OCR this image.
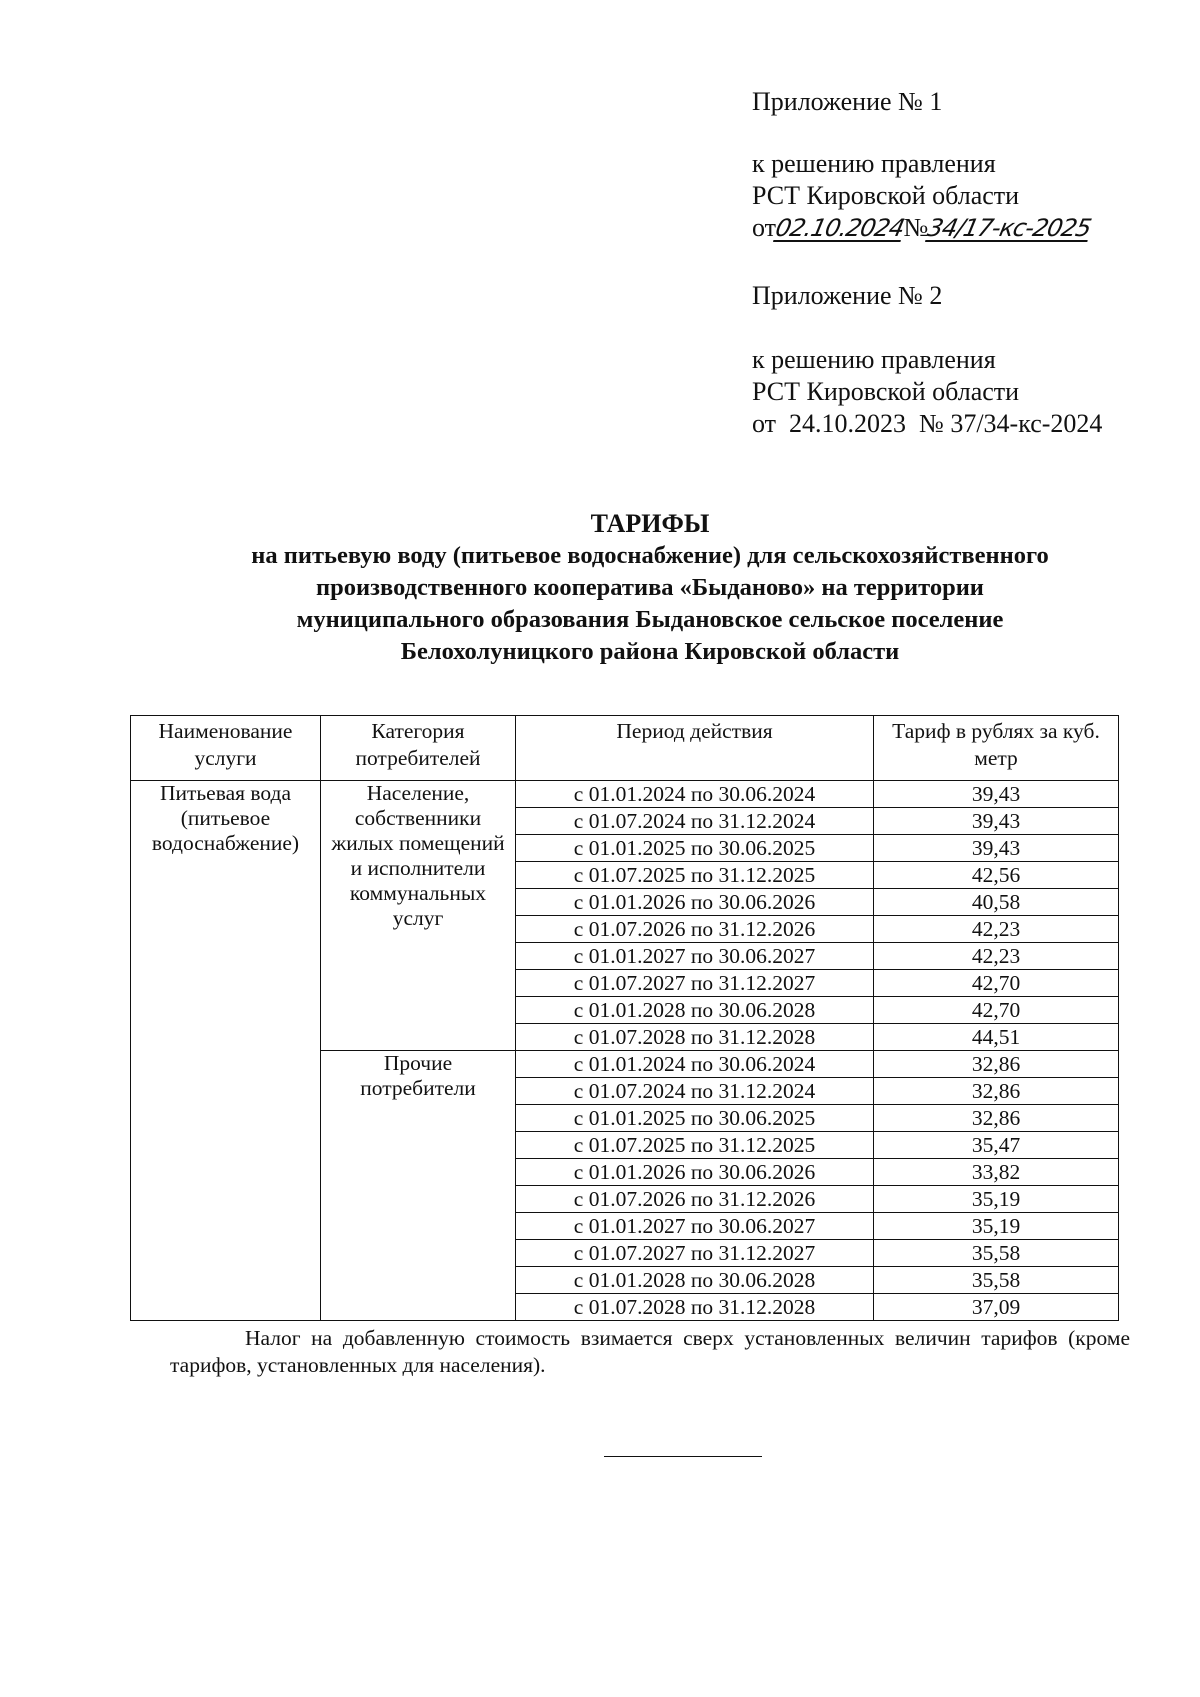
Приложение № 1
к решению правления
РСТ Кировской области
от02.10.2024№34/17-кс-2025
Приложение № 2
к решению правления
РСТ Кировской области
от  24.10.2023  № 37/34-кс-2024
ТАРИФЫ
на питьевую воду (питьевое водоснабжение) для сельскохозяйственного
производственного кооператива «Быданово» на территории
муниципального образования Быдановское сельское поселение
Белохолуницкого района Кировской области
Наименование услуги	Категория потребителей	Период действия	Тариф в рублях за куб. метр
Питьевая вода (питьевое водоснабжение)	Население, собственники жилых помещений и исполнители коммунальных услуг	с 01.01.2024 по 30.06.2024	39,43
		с 01.07.2024 по 31.12.2024	39,43
		с 01.01.2025 по 30.06.2025	39,43
		с 01.07.2025 по 31.12.2025	42,56
		с 01.01.2026 по 30.06.2026	40,58
		с 01.07.2026 по 31.12.2026	42,23
		с 01.01.2027 по 30.06.2027	42,23
		с 01.07.2027 по 31.12.2027	42,70
		с 01.01.2028 по 30.06.2028	42,70
		с 01.07.2028 по 31.12.2028	44,51
	Прочие потребители	с 01.01.2024 по 30.06.2024	32,86
		с 01.07.2024 по 31.12.2024	32,86
		с 01.01.2025 по 30.06.2025	32,86
		с 01.07.2025 по 31.12.2025	35,47
		с 01.01.2026 по 30.06.2026	33,82
		с 01.07.2026 по 31.12.2026	35,19
		с 01.01.2027 по 30.06.2027	35,19
		с 01.07.2027 по 31.12.2027	35,58
		с 01.01.2028 по 30.06.2028	35,58
		с 01.07.2028 по 31.12.2028	37,09
Налог на добавленную стоимость взимается сверх установленных величин тарифов (кроме тарифов, установленных для населения).
